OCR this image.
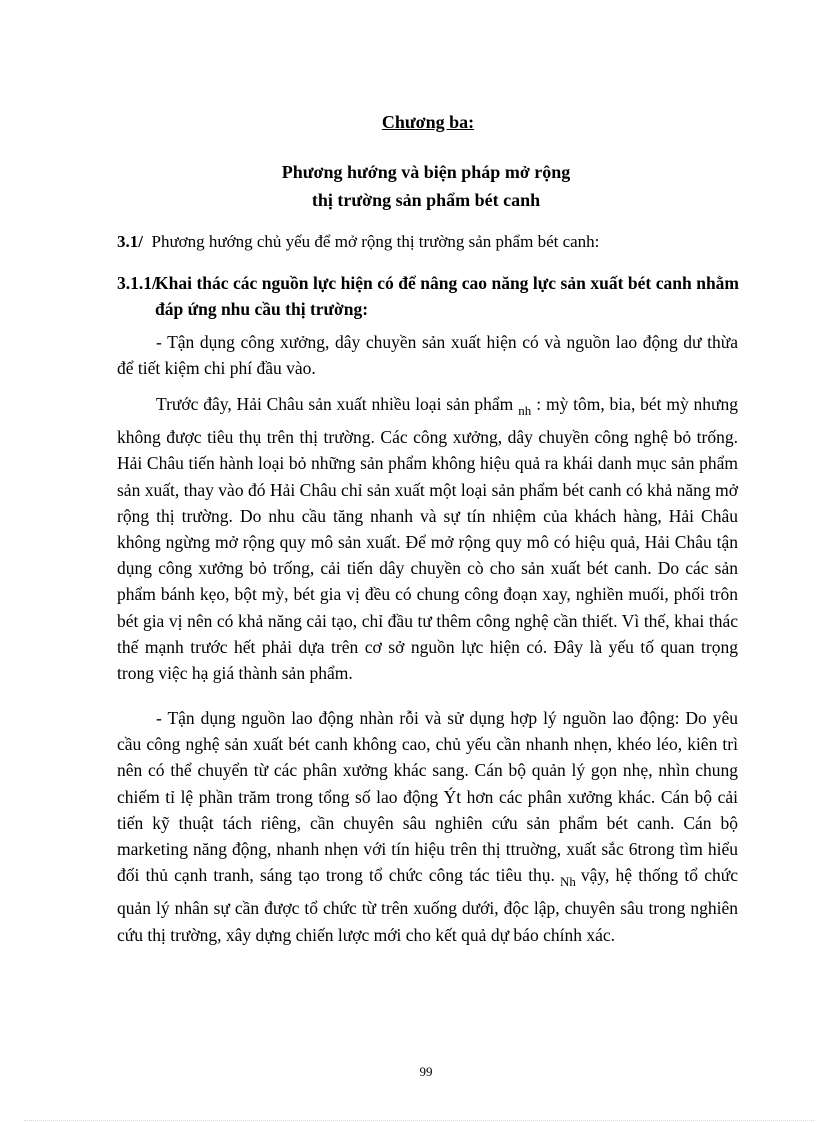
Chương ba:
Phương hướng và biện pháp mở rộng
thị trường sản phẩm bét canh
3.1/ Phương hướng chủ yếu để mở rộng thị trường sản phẩm bét canh:
3.1.1/
Khai thác các nguồn lực hiện có để nâng cao năng lực sản xuất bét canh nhằm đáp ứng nhu cầu thị trường:
- Tận dụng công xưởng, dây chuyền sản xuất hiện có và nguồn lao động dư thừa để tiết kiệm chi phí đầu vào.
Trước đây, Hải Châu sản xuất nhiều loại sản phẩm $_{nh}$ : mỳ tôm, bia, bét mỳ nhưng không được tiêu thụ trên thị trường. Các công xưởng, dây chuyền công nghệ bỏ trống. Hải Châu tiến hành loại bỏ những sản phẩm không hiệu quả ra khái danh mục sản phẩm sản xuất, thay vào đó Hải Châu chỉ sản xuất một loại sản phẩm bét canh có khả năng mở rộng thị trường. Do nhu cầu tăng nhanh và sự tín nhiệm của khách hàng, Hải Châu không ngừng mở rộng quy mô sản xuất. Để mở rộng quy mô có hiệu quả, Hải Châu tận dụng công xưởng bỏ trống, cải tiến dây chuyền cò cho sản xuất bét canh. Do các sản phẩm bánh kẹo, bột mỳ, bét gia vị đều có chung công đoạn xay, nghiền muối, phối trôn bét gia vị nên có khả năng cải tạo, chỉ đầu tư thêm công nghệ cần thiết. Vì thế, khai thác thế mạnh trước hết phải dựa trên cơ sở nguồn lực hiện có. Đây là yếu tố quan trọng trong việc hạ giá thành sản phẩm.
- Tận dụng nguồn lao động nhàn rỗi và sử dụng hợp lý nguồn lao động: Do yêu cầu công nghệ sản xuất bét canh không cao, chủ yếu cần nhanh nhẹn, khéo léo, kiên trì nên có thể chuyển từ các phân xưởng khác sang. Cán bộ quản lý gọn nhẹ, nhìn chung chiếm tỉ lệ phần trăm trong tổng số lao động Ýt hơn các phân xưởng khác. Cán bộ cải tiến kỹ thuật tách riêng, cần chuyên sâu nghiên cứu sản phẩm bét canh. Cán bộ marketing năng động, nhanh nhẹn với tín hiệu trên thị ttruờng, xuất sắc 6trong tìm hiểu đối thủ cạnh tranh, sáng tạo trong tổ chức công tác tiêu thụ. $_{Nh}$ vậy, hệ thống tổ chức quản lý nhân sự cần được tổ chức từ trên xuống dưới, độc lập, chuyên sâu trong nghiên cứu thị trường, xây dựng chiến lược mới cho kết quả dự báo chính xác.
99
